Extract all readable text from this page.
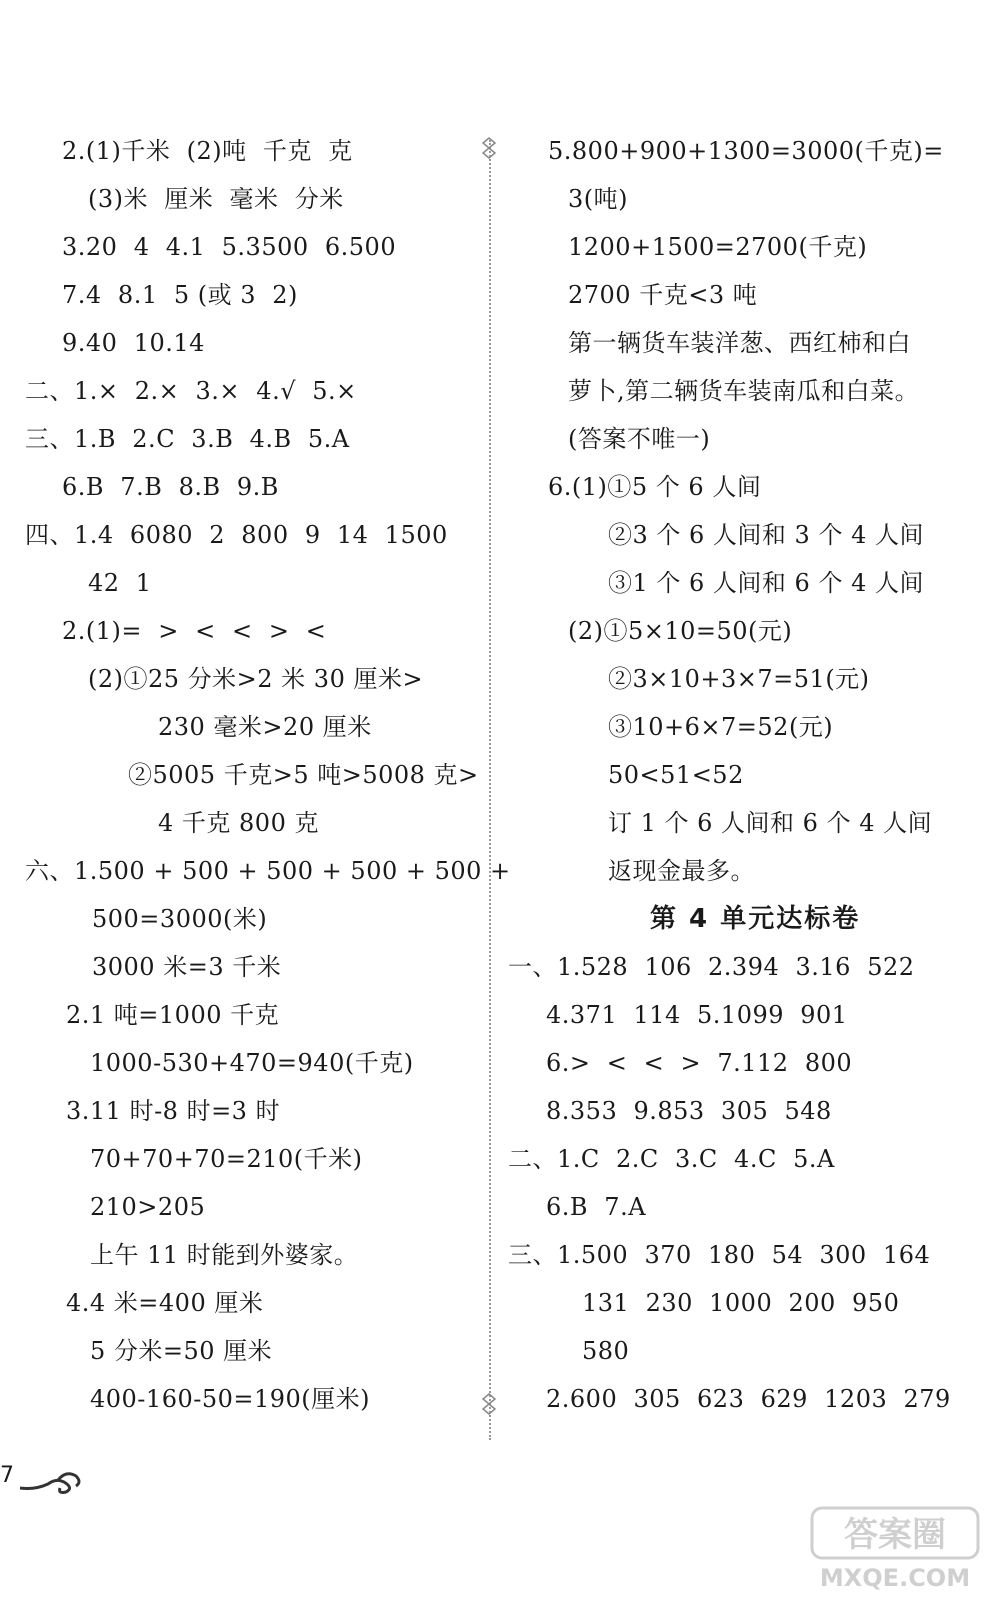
2.(1)千米  (2)吨  千克  克
(3)米  厘米  毫米  分米
3.20  4  4.1  5.3500  6.500
7.4  8.1  5 (或 3  2)
9.40  10.14
二、1.×  2.×  3.×  4.√  5.×
三、1.B  2.C  3.B  4.B  5.A
6.B  7.B  8.B  9.B
四、1.4  6080  2  800  9  14  1500
42  1
2.(1)=  >  <  <  >  <
(2)①25 分米>2 米 30 厘米>
230 毫米>20 厘米
②5005 千克>5 吨>5008 克>
4 千克 800 克
六、1.500 + 500 + 500 + 500 + 500 +
500=3000(米)
3000 米=3 千米
2.1 吨=1000 千克
1000-530+470=940(千克)
3.11 时-8 时=3 时
70+70+70=210(千米)
210>205
上午 11 时能到外婆家。
4.4 米=400 厘米
5 分米=50 厘米
400-160-50=190(厘米)
5.800+900+1300=3000(千克)=
3(吨)
1200+1500=2700(千克)
2700 千克<3 吨
第一辆货车装洋葱、西红柿和白
萝卜,第二辆货车装南瓜和白菜。
(答案不唯一)
6.(1)①5 个 6 人间
②3 个 6 人间和 3 个 4 人间
③1 个 6 人间和 6 个 4 人间
(2)①5×10=50(元)
②3×10+3×7=51(元)
③10+6×7=52(元)
50<51<52
订 1 个 6 人间和 6 个 4 人间
返现金最多。
第 4 单元达标卷
一、1.528  106  2.394  3.16  522
4.371  114  5.1099  901
6.>  <  <  >  7.112  800
8.353  9.853  305  548
二、1.C  2.C  3.C  4.C  5.A
6.B  7.A
三、1.500  370  180  54  300  164
131  230  1000  200  950
580
2.600  305  623  629  1203  279
7
答案圈
MXQE.COM
